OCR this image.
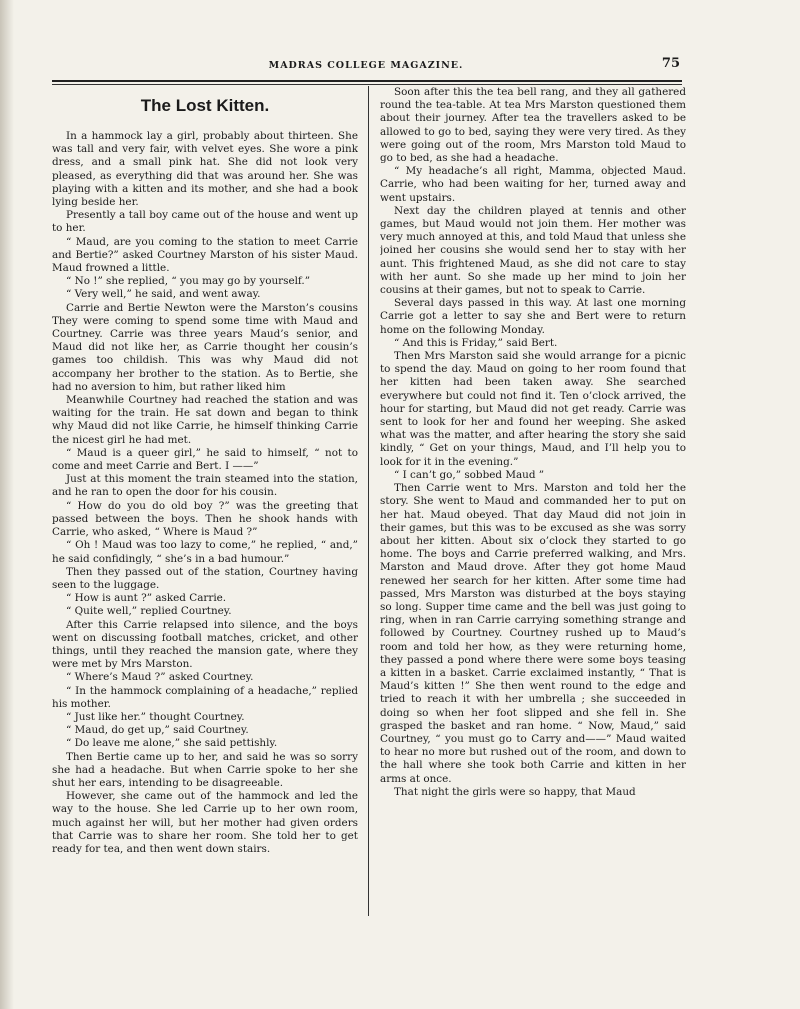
MADRAS COLLEGE MAGAZINE.	75
The Lost Kitten.

In a hammock lay a girl, probably about thirteen. She was tall and very fair, with velvet eyes. She wore a pink dress, and a small pink hat. She did not look very pleased, as everything did that was around her. She was playing with a kitten and its mother, and she had a book lying beside her.

Presently a tall boy came out of the house and went up to her.

“ Maud, are you coming to the station to meet Carrie and Bertie?” asked Courtney Marston of his sister Maud. Maud frowned a little.

“ No !” she replied, “ you may go by yourself.”

“ Very well,” he said, and went away.

Carrie and Bertie Newton were the Marston’s cousins They were coming to spend some time with Maud and Courtney. Carrie was three years Maud’s senior, and Maud did not like her, as Carrie thought her cousin’s games too childish. This was why Maud did not accompany her brother to the station. As to Bertie, she had no aversion to him, but rather liked him

Meanwhile Courtney had reached the station and was waiting for the train. He sat down and began to think why Maud did not like Carrie, he himself thinking Carrie the nicest girl he had met.

“ Maud is a queer girl,” he said to himself, “ not to come and meet Carrie and Bert. I ——”

Just at this moment the train steamed into the station, and he ran to open the door for his cousin.

“ How do you do old boy ?” was the greeting that passed between the boys. Then he shook hands with Carrie, who asked, “ Where is Maud ?”

“ Oh ! Maud was too lazy to come,” he replied, “ and,” he said confidingly, “ she’s in a bad humour.”

Then they passed out of the station, Courtney having seen to the luggage.

“ How is aunt ?” asked Carrie.

“ Quite well,” replied Courtney.

After this Carrie relapsed into silence, and the boys went on discussing football matches, cricket, and other things, until they reached the mansion gate, where they were met by Mrs Marston.

“ Where’s Maud ?” asked Courtney.

“ In the hammock complaining of a headache,” replied his mother.

“ Just like her.” thought Courtney.

“ Maud, do get up,” said Courtney.

“ Do leave me alone,” she said pettishly.

Then Bertie came up to her, and said he was so sorry she had a headache. But when Carrie spoke to her she shut her ears, intending to be disagreeable.

However, she came out of the hammock and led the way to the house. She led Carrie up to her own room, much against her will, but her mother had given orders that Carrie was to share her room. She told her to get ready for tea, and then went down stairs.

Soon after this the tea bell rang, and they all gathered round the tea-table. At tea Mrs Marston questioned them about their journey. After tea the travellers asked to be allowed to go to bed, saying they were very tired. As they were going out of the room, Mrs Marston told Maud to go to bed, as she had a headache.

“ My headache’s all right, Mamma, objected Maud. Carrie, who had been waiting for her, turned away and went upstairs.

Next day the children played at tennis and other games, but Maud would not join them. Her mother was very much annoyed at this, and told Maud that unless she joined her cousins she would send her to stay with her aunt. This frightened Maud, as she did not care to stay with her aunt. So she made up her mind to join her cousins at their games, but not to speak to Carrie.

Several days passed in this way. At last one morning Carrie got a letter to say she and Bert were to return home on the following Monday.

“ And this is Friday,” said Bert.

Then Mrs Marston said she would arrange for a picnic to spend the day. Maud on going to her room found that her kitten had been taken away. She searched everywhere but could not find it. Ten o’clock arrived, the hour for starting, but Maud did not get ready. Carrie was sent to look for her and found her weeping. She asked what was the matter, and after hearing the story she said kindly, “ Get on your things, Maud, and I’ll help you to look for it in the evening.”

“ I can’t go,” sobbed Maud ”

Then Carrie went to Mrs. Marston and told her the story. She went to Maud and commanded her to put on her hat. Maud obeyed. That day Maud did not join in their games, but this was to be excused as she was sorry about her kitten. About six o’clock they started to go home. The boys and Carrie preferred walking, and Mrs. Marston and Maud drove. After they got home Maud renewed her search for her kitten. After some time had passed, Mrs Marston was disturbed at the boys staying so long. Supper time came and the bell was just going to ring, when in ran Carrie carrying something strange and followed by Courtney. Courtney rushed up to Maud’s room and told her how, as they were returning home, they passed a pond where there were some boys teasing a kitten in a basket. Carrie exclaimed instantly, “ That is Maud’s kitten !” She then went round to the edge and tried to reach it with her umbrella ; she succeeded in doing so when her foot slipped and she fell in. She grasped the basket and ran home. “ Now, Maud,” said Courtney, “ you must go to Carry and——” Maud waited to hear no more but rushed out of the room, and down to the hall where she took both Carrie and kitten in her arms at once.

That night the girls were so happy, that Maud
